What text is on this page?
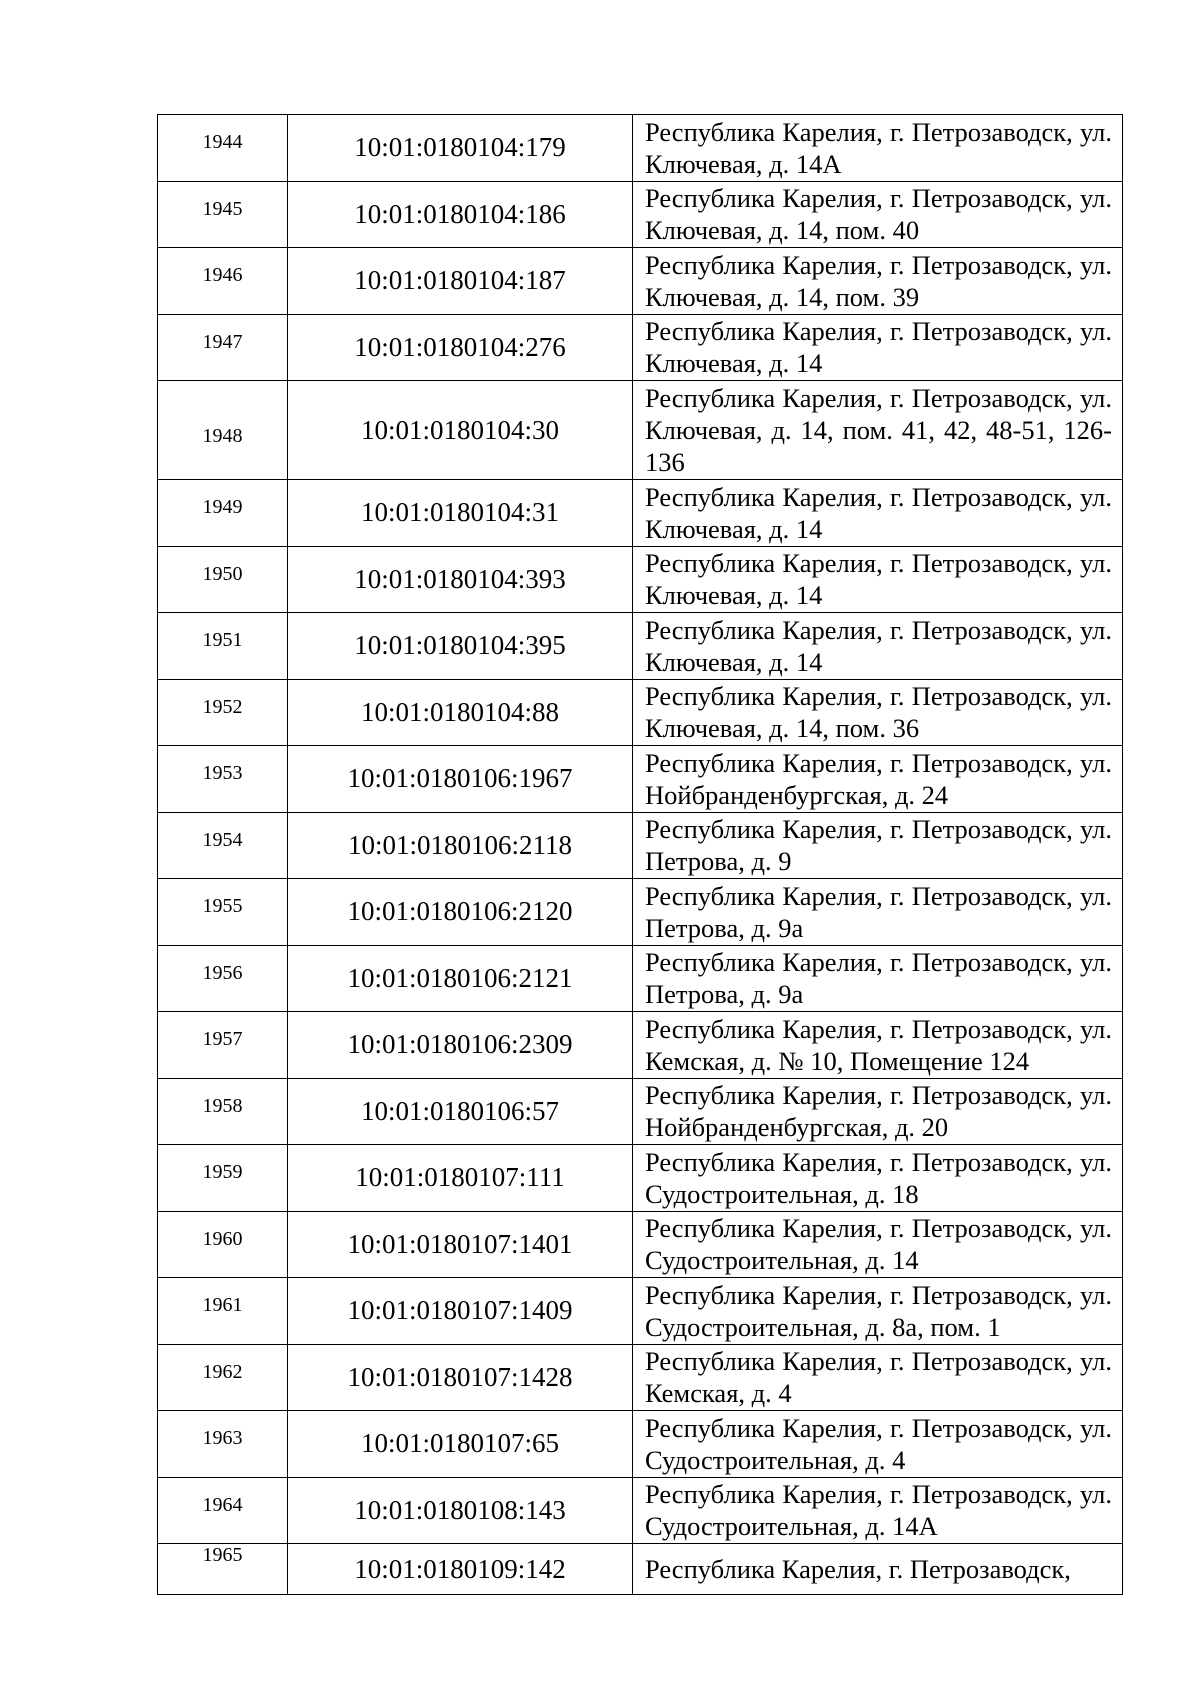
1944	10:01:0180104:179	Республика Карелия, г. Петрозаводск, ул. Ключевая, д. 14А

1945	10:01:0180104:186	Республика Карелия, г. Петрозаводск, ул. Ключевая, д. 14, пом. 40

1946	10:01:0180104:187	Республика Карелия, г. Петрозаводск, ул. Ключевая, д. 14, пом. 39

1947	10:01:0180104:276	Республика Карелия, г. Петрозаводск, ул. Ключевая, д. 14

1948	10:01:0180104:30	Республика Карелия, г. Петрозаводск, ул. Ключевая, д. 14, пом. 41, 42, 48-51, 126-136

1949	10:01:0180104:31	Республика Карелия, г. Петрозаводск, ул. Ключевая, д. 14

1950	10:01:0180104:393	Республика Карелия, г. Петрозаводск, ул. Ключевая, д. 14

1951	10:01:0180104:395	Республика Карелия, г. Петрозаводск, ул. Ключевая, д. 14

1952	10:01:0180104:88	Республика Карелия, г. Петрозаводск, ул. Ключевая, д. 14, пом. 36

1953	10:01:0180106:1967	Республика Карелия, г. Петрозаводск, ул. Нойбранденбургская, д. 24

1954	10:01:0180106:2118	Республика Карелия, г. Петрозаводск, ул. Петрова, д. 9

1955	10:01:0180106:2120	Республика Карелия, г. Петрозаводск, ул. Петрова, д. 9а

1956	10:01:0180106:2121	Республика Карелия, г. Петрозаводск, ул. Петрова, д. 9а

1957	10:01:0180106:2309	Республика Карелия, г. Петрозаводск, ул. Кемская, д. № 10, Помещение 124

1958	10:01:0180106:57	Республика Карелия, г. Петрозаводск, ул. Нойбранденбургская, д. 20

1959	10:01:0180107:111	Республика Карелия, г. Петрозаводск, ул. Судостроительная, д. 18

1960	10:01:0180107:1401	Республика Карелия, г. Петрозаводск, ул. Судостроительная, д. 14

1961	10:01:0180107:1409	Республика Карелия, г. Петрозаводск, ул. Судостроительная, д. 8а, пом. 1

1962	10:01:0180107:1428	Республика Карелия, г. Петрозаводск, ул. Кемская, д. 4

1963	10:01:0180107:65	Республика Карелия, г. Петрозаводск, ул. Судостроительная, д. 4

1964	10:01:0180108:143	Республика Карелия, г. Петрозаводск, ул. Судостроительная, д. 14А

1965	10:01:0180109:142	Республика Карелия, г. Петрозаводск,
